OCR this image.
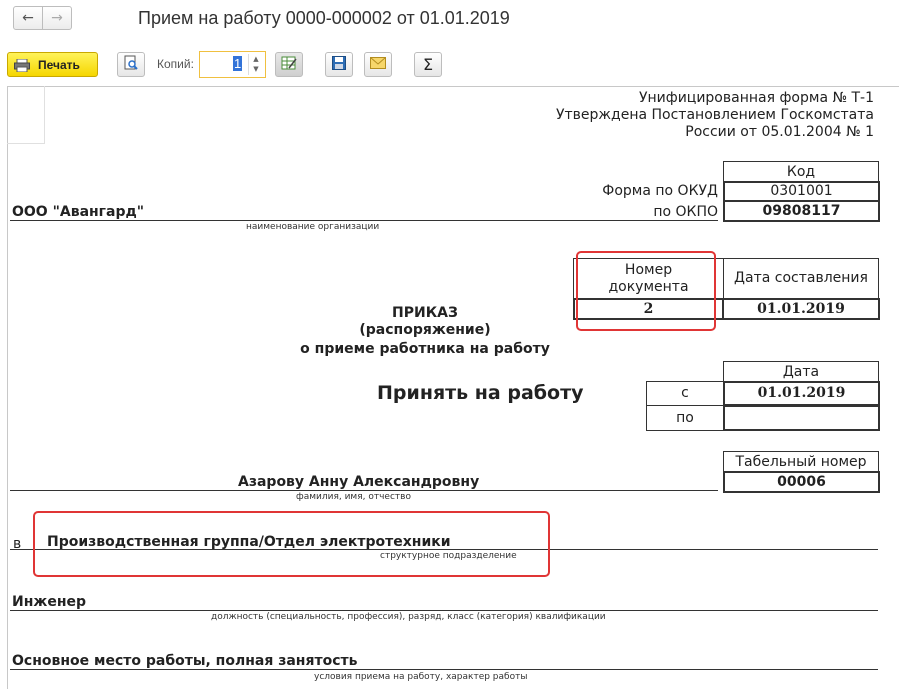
← →	Прием на работу 0000-000002 от 01.01.2019
Печать	Копий:	1	▲
▼	Σ
Унифицированная форма № Т-1
Утверждена Постановлением Госкомстата
России от 05.01.2004 № 1
Код
Форма по ОКУД	0301001
по ОКПО	09808117
ООО "Авангард"
наименование организации
Номер документа
Дата составления
2	01.01.2019
ПРИКАЗ
(распоряжение)
о приеме работника на работу
Принять на работу
Дата
с	01.01.2019
по
Табельный номер
00006
Азарову Анну Александровну
фамилия, имя, отчество
в Производственная группа/Отдел электротехники
структурное подразделение
Инженер
должность (специальность, профессия), разряд, класс (категория) квалификации
Основное место работы, полная занятость
условия приема на работу, характер работы
